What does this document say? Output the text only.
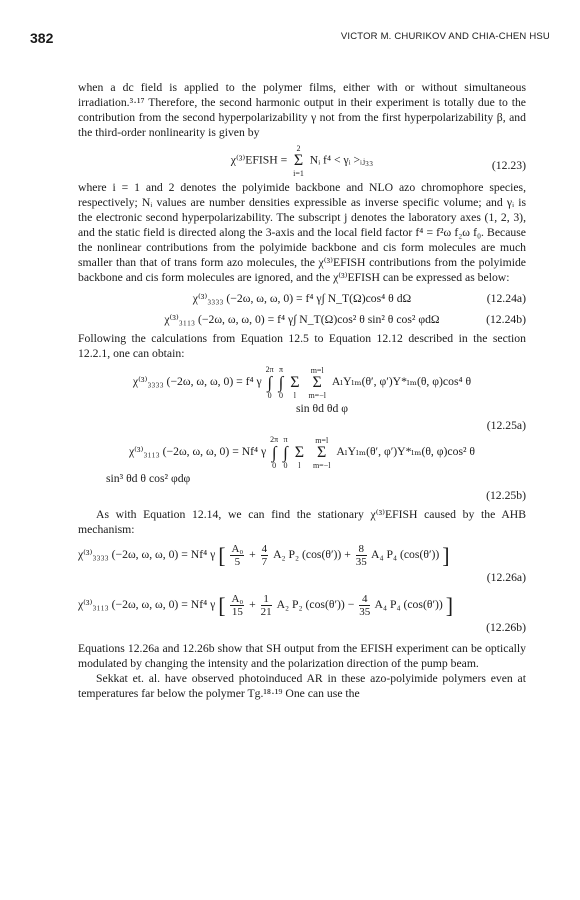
382	VICTOR M. CHURIKOV AND CHIA-CHEN HSU

when a dc field is applied to the polymer films, either with or without simultaneous irradiation.³·¹⁷ Therefore, the second harmonic output in their experiment is totally due to the contribution from the second hyperpolarizability γ not from the first hyperpolarizability β, and the third-order nonlinearity is given by

χ⁽³⁾EFISH =
2
Σ
i=1
Nᵢ f⁴ < γᵢ >ᵢⱼ₃₃	(12.23)

where i = 1 and 2 denotes the polyimide backbone and NLO azo chromophore species, respectively; Nᵢ values are number densities expressible as inverse specific volume; and γᵢ is the electronic second hyperpolarizability. The subscript j denotes the laboratory axes (1, 2, 3), and the static field is directed along the 3-axis and the local field factor f⁴ = f²ω f₂ω f₀. Because the nonlinear contributions from the polyimide backbone and cis form molecules are much smaller than that of trans form azo molecules, the χ⁽³⁾EFISH contributions from the polyimide backbone and cis form molecules are ignored, and the χ⁽³⁾EFISH can be expressed as below:

χ⁽³⁾₃₃₃₃ (−2ω, ω, ω, 0) = f⁴ γ∫ N_T(Ω)cos⁴ θ dΩ	(12.24a)
χ⁽³⁾₃₁₁₃ (−2ω, ω, ω, 0) = f⁴ γ∫ N_T(Ω)cos² θ sin² θ cos² φdΩ	(12.24b)

Following the calculations from Equation 12.5 to Equation 12.12 described in the section 12.2.1, one can obtain:

χ⁽³⁾₃₃₃₃ (−2ω, ω, ω, 0) = f⁴ γ
2π
∫
0

π
∫
0

Σ
l

m=l
Σ
m=−l
AₗYₗₘ(θ′, φ′)Y*ₗₘ(θ, φ)cos⁴ θ
sin θd θd φ
(12.25a)
χ⁽³⁾₃₁₁₃ (−2ω, ω, ω, 0) = Nf⁴ γ
2π
∫
0

π
∫
0

Σ
l

m=l
Σ
m=−l
AₗYₗₘ(θ′, φ′)Y*ₗₘ(θ, φ)cos² θ
sin³ θd θ cos² φdφ
(12.25b)

As with Equation 12.14, we can find the stationary χ⁽³⁾EFISH caused by the AHB mechanism:

χ⁽³⁾₃₃₃₃ (−2ω, ω, ω, 0) = Nf⁴ γ [ $\frac{\text{A₀}}{5} + \frac{4}{7} A_2$ P₂ $(\cos(\theta')) + \frac{8}{35} A_4$ P₄ (cos(θ′)) ]
(12.26a)
χ⁽³⁾₃₁₁₃ (−2ω, ω, ω, 0) = Nf⁴ γ [ $\frac{\text{A₀}}{15} + \frac{1}{21} A_2$ P₂ $(\cos(\theta')) - \frac{4}{35} A_4$ P₄ (cos(θ′)) ]
(12.26b)

Equations 12.26a and 12.26b show that SH output from the EFISH experiment can be optically modulated by changing the intensity and the polarization direction of the pump beam.

Sekkat et. al. have observed photoinduced AR in these azo-polyimide polymers even at temperatures far below the polymer Tg.¹⁸·¹⁹ One can use the
